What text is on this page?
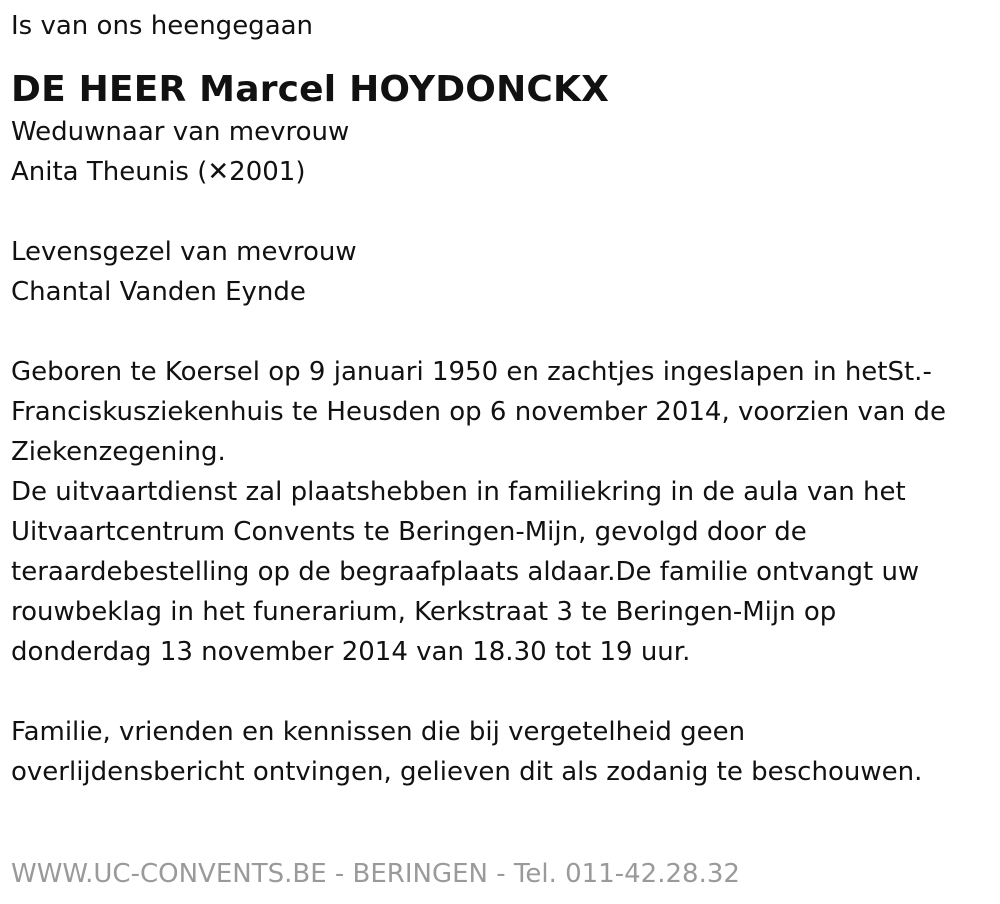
Is van ons heengegaan
DE HEER Marcel HOYDONCKX
Weduwnaar van mevrouw
Anita Theunis (✕2001)
Levensgezel van mevrouw
Chantal Vanden Eynde
Geboren te Koersel op 9 januari 1950 en zachtjes ingeslapen in hetSt.-
Franciskusziekenhuis te Heusden op 6 november 2014, voorzien van de
Ziekenzegening.
De uitvaartdienst zal plaatshebben in familiekring in de aula van het
Uitvaartcentrum Convents te Beringen-Mijn, gevolgd door de
teraardebestelling op de begraafplaats aldaar.De familie ontvangt uw
rouwbeklag in het funerarium, Kerkstraat 3 te Beringen-Mijn op
donderdag 13 november 2014 van 18.30 tot 19 uur.
Familie, vrienden en kennissen die bij vergetelheid geen
overlijdensbericht ontvingen, gelieven dit als zodanig te beschouwen.
WWW.UC-CONVENTS.BE - BERINGEN - Tel. 011-42.28.32
